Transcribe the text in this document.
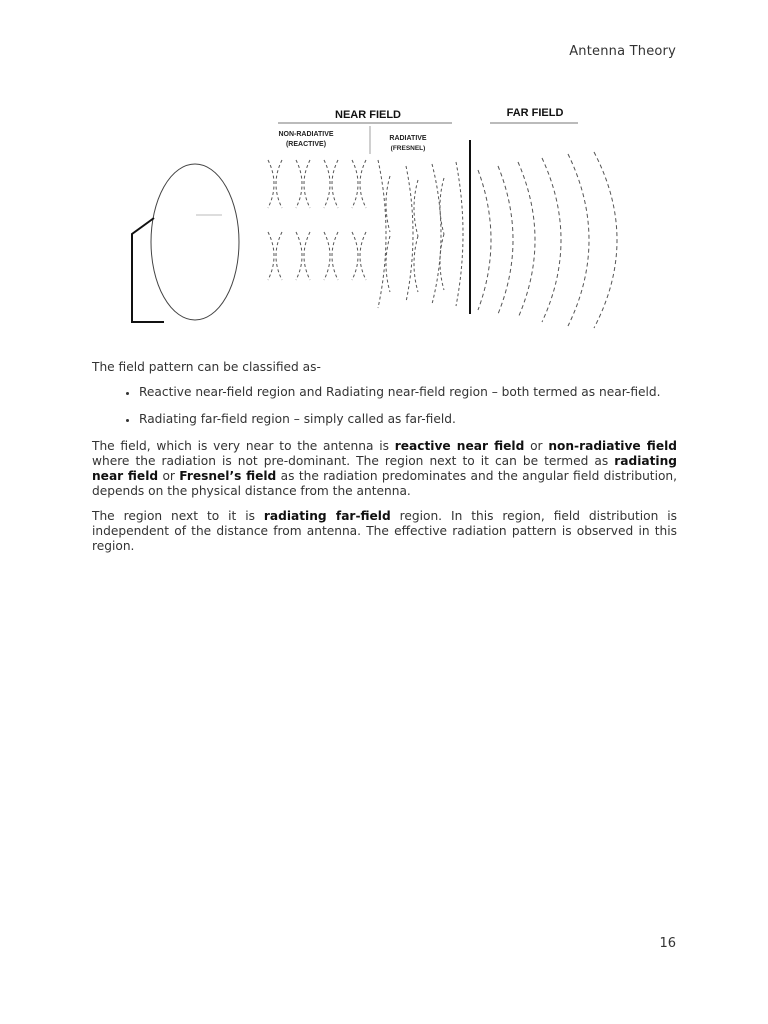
Antenna Theory
NEAR FIELD	FAR FIELD
NON-RADIATIVE
(REACTIVE)
RADIATIVE
(FRESNEL)

The field pattern can be classified as-

• Reactive near-field region and Radiating near-field region – both termed as near-field.
• Radiating far-field region – simply called as far-field.

The field, which is very near to the antenna is reactive near field or non-radiative field where the radiation is not pre-dominant. The region next to it can be termed as radiating near field or Fresnel’s field as the radiation predominates and the angular field distribution, depends on the physical distance from the antenna.

The region next to it is radiating far-field region. In this region, field distribution is independent of the distance from antenna. The effective radiation pattern is observed in this region.

16
